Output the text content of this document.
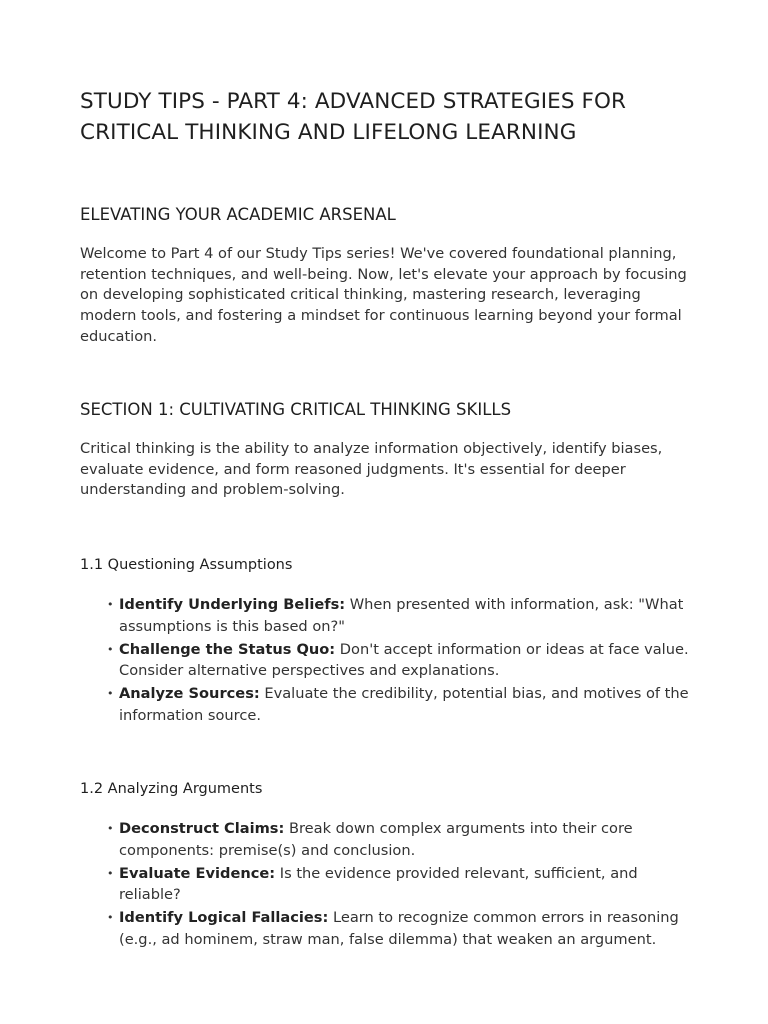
STUDY TIPS - PART 4: ADVANCED STRATEGIES FOR CRITICAL THINKING AND LIFELONG LEARNING
ELEVATING YOUR ACADEMIC ARSENAL

Welcome to Part 4 of our Study Tips series! We've covered foundational planning, retention techniques, and well-being. Now, let's elevate your approach by focusing on developing sophisticated critical thinking, mastering research, leveraging modern tools, and fostering a mindset for continuous learning beyond your formal education.

SECTION 1: CULTIVATING CRITICAL THINKING SKILLS

Critical thinking is the ability to analyze information objectively, identify biases, evaluate evidence, and form reasoned judgments. It's essential for deeper understanding and problem-solving.

1.1 Questioning Assumptions
• Identify Underlying Beliefs: When presented with information, ask: "What assumptions is this based on?"
• Challenge the Status Quo: Don't accept information or ideas at face value. Consider alternative perspectives and explanations.
• Analyze Sources: Evaluate the credibility, potential bias, and motives of the information source.
1.2 Analyzing Arguments
• Deconstruct Claims: Break down complex arguments into their core components: premise(s) and conclusion.
• Evaluate Evidence: Is the evidence provided relevant, sufficient, and reliable?
• Identify Logical Fallacies: Learn to recognize common errors in reasoning (e.g., ad hominem, straw man, false dilemma) that weaken an argument.
